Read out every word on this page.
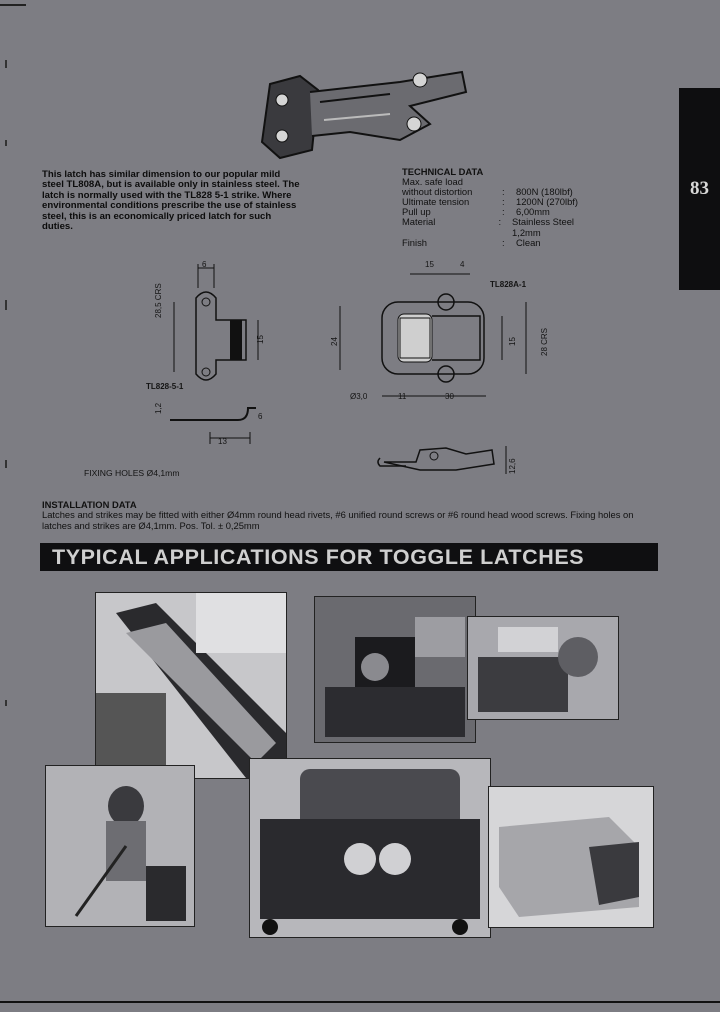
83
This latch has similar dimension to our popular mild steel TL808A, but is available only in stainless steel. The latch is normally used with the TL828 5-1 strike. Where environmental conditions prescribe the use of stainless steel, this is an economically priced latch for such duties.
TECHNICAL DATA
Max. safe load
without distortion	:	800N (180lbf)
Ultimate tension	:	1200N (270lbf)
Pull up	:	6,00mm
Material	:	Stainless Steel 1,2mm
Finish	:	Clean
6
28,5 CRS
15
TL828-5-1
1,2
6
13
15	4
TL828A-1
24	28 CRS
15
Ø3,0	11	30
12,6
FIXING HOLES Ø4,1mm
INSTALLATION DATA
Latches and strikes may be fitted with either Ø4mm round head rivets, #6 unified round screws or #6 round head wood screws. Fixing holes on latches and strikes are Ø4,1mm. Pos. Tol. ± 0,25mm
TYPICAL APPLICATIONS FOR TOGGLE LATCHES
